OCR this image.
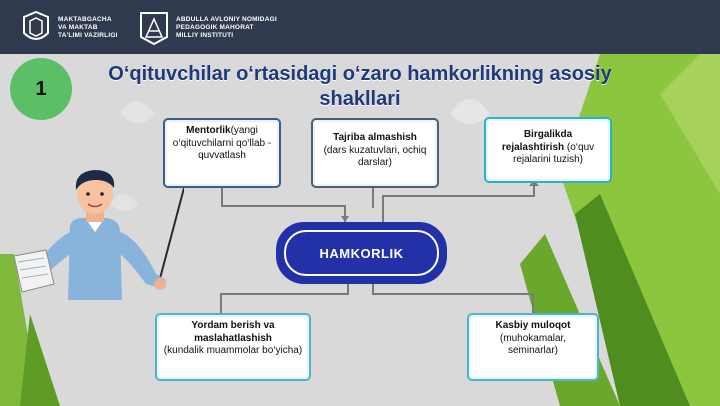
MAKTABGACHA
VA MAKTAB
TA'LIMI VAZIRLIGI
ABDULLA AVLONIY NOMIDAGI
PEDAGOGIK MAHORAT
MILLIY INSTITUTI
1
O‘qituvchilar o‘rtasidagi o‘zaro hamkorlikning asosiy shakllari
Mentorlik(yangi o‘qituvchilarni qo‘llab -quvvatlash
Tajriba almashish
(dars kuzatuvlari, ochiq darslar)
Birgalikda rejalashtirish (o‘quv rejalarini tuzish)
HAMKORLIK
Yordam berish va maslahatlashish
(kundalik muammolar bo‘yicha)
Kasbiy muloqot
(muhokamalar, seminarlar)
